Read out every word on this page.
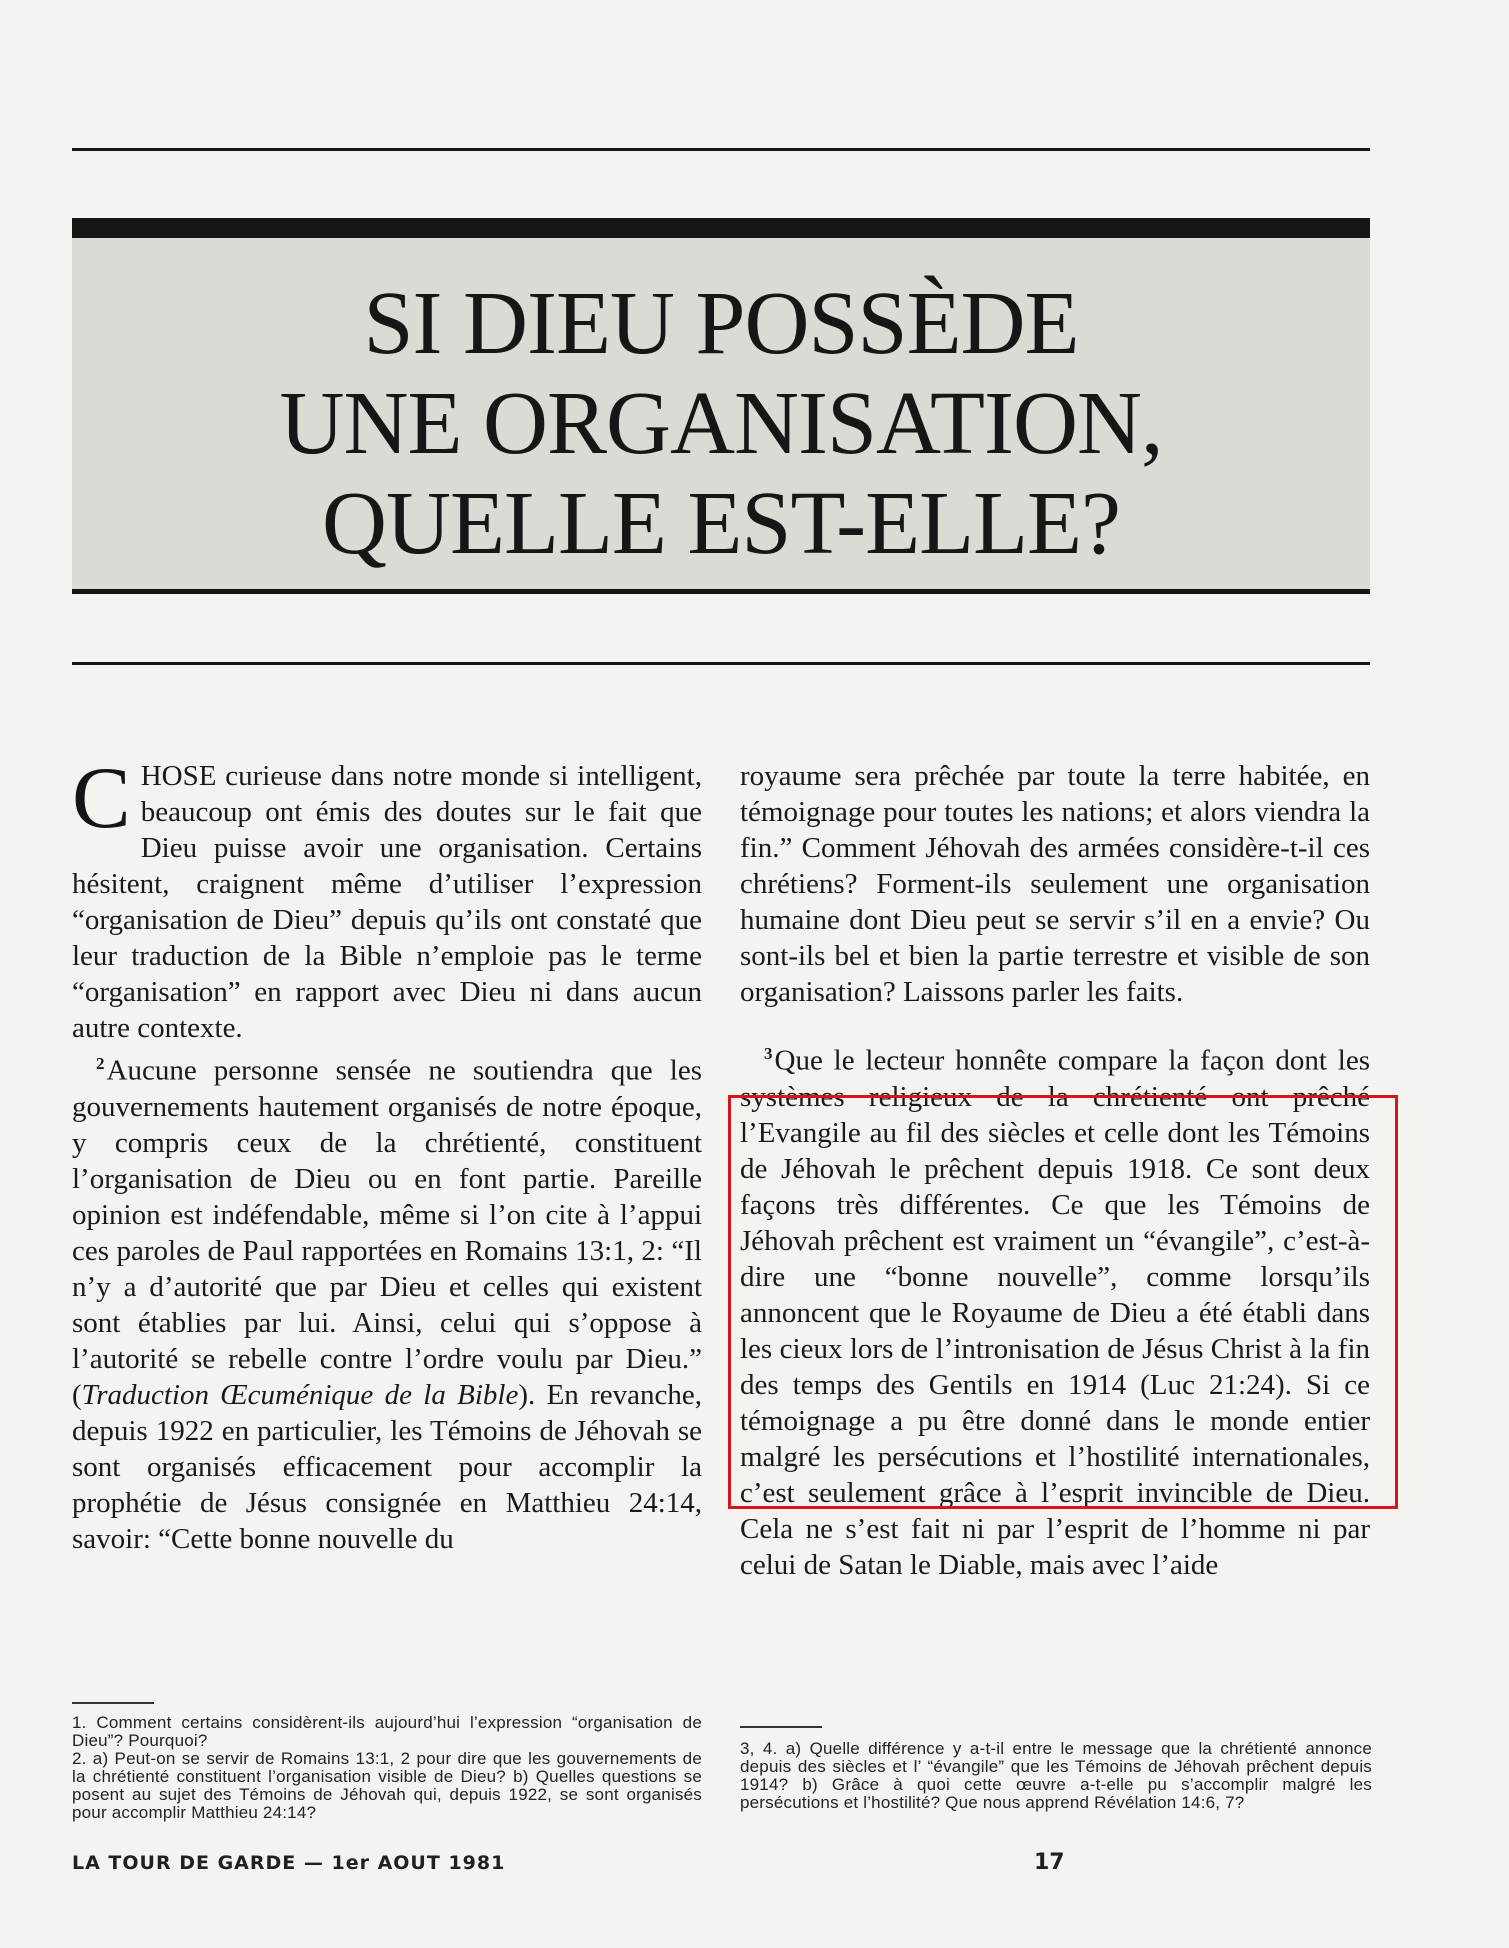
SI DIEU POSSÈDE
UNE ORGANISATION,
QUELLE EST-ELLE?

CHOSE curieuse dans notre monde si intelligent, beaucoup ont émis des doutes sur le fait que Dieu puisse avoir une organisation. Certains hésitent, craignent même d’utiliser l’expression “organisation de Dieu” depuis qu’ils ont constaté que leur traduction de la Bible n’emploie pas le terme “organisation” en rapport avec Dieu ni dans aucun autre contexte.

$^2$Aucune personne sensée ne soutiendra que les gouvernements hautement organisés de notre époque, y compris ceux de la chrétienté, constituent l’organisation de Dieu ou en font partie. Pareille opinion est indéfendable, même si l’on cite à l’appui ces paroles de Paul rapportées en Romains 13:1, 2: “Il n’y a d’autorité que par Dieu et celles qui existent sont établies par lui. Ainsi, celui qui s’oppose à l’autorité se rebelle contre l’ordre voulu par Dieu.” (Traduction Œcuménique de la Bible). En revanche, depuis 1922 en particulier, les Témoins de Jéhovah se sont organisés efficacement pour accomplir la prophétie de Jésus consignée en Matthieu 24:14, savoir: “Cette bonne nouvelle du

royaume sera prêchée par toute la terre habitée, en témoignage pour toutes les nations; et alors viendra la fin.” Comment Jéhovah des armées considère-t-il ces chrétiens? Forment-ils seulement une organisation humaine dont Dieu peut se servir s’il en a envie? Ou sont-ils bel et bien la partie terrestre et visible de son organisation? Laissons parler les faits.

$^3$Que le lecteur honnête compare la façon dont les systèmes religieux de la chrétienté ont prêché l’Evangile au fil des siècles et celle dont les Témoins de Jéhovah le prêchent depuis 1918. Ce sont deux façons très différentes. Ce que les Témoins de Jéhovah prêchent est vraiment un “évangile”, c’est-à-dire une “bonne nouvelle”, comme lorsqu’ils annoncent que le Royaume de Dieu a été établi dans les cieux lors de l’intronisation de Jésus Christ à la fin des temps des Gentils en 1914 (Luc 21:24). Si ce témoignage a pu être donné dans le monde entier malgré les persécutions et l’hostilité internationales, c’est seulement grâce à l’esprit invincible de Dieu. Cela ne s’est fait ni par l’esprit de l’homme ni par celui de Satan le Diable, mais avec l’aide

1. Comment certains considèrent-ils aujourd’hui l’expression “organisation de Dieu”? Pourquoi?

2. a) Peut-on se servir de Romains 13:1, 2 pour dire que les gouvernements de la chrétienté constituent l’organisation visible de Dieu? b) Quelles questions se posent au sujet des Témoins de Jéhovah qui, depuis 1922, se sont organisés pour accomplir Matthieu 24:14?

3, 4. a) Quelle différence y a-t-il entre le message que la chrétienté annonce depuis des siècles et l’ “évangile” que les Témoins de Jéhovah prêchent depuis 1914? b) Grâce à quoi cette œuvre a-t-elle pu s’accomplir malgré les persécutions et l’hostilité? Que nous apprend Révélation 14:6, 7?

LA TOUR DE GARDE — 1er AOUT 1981	17
